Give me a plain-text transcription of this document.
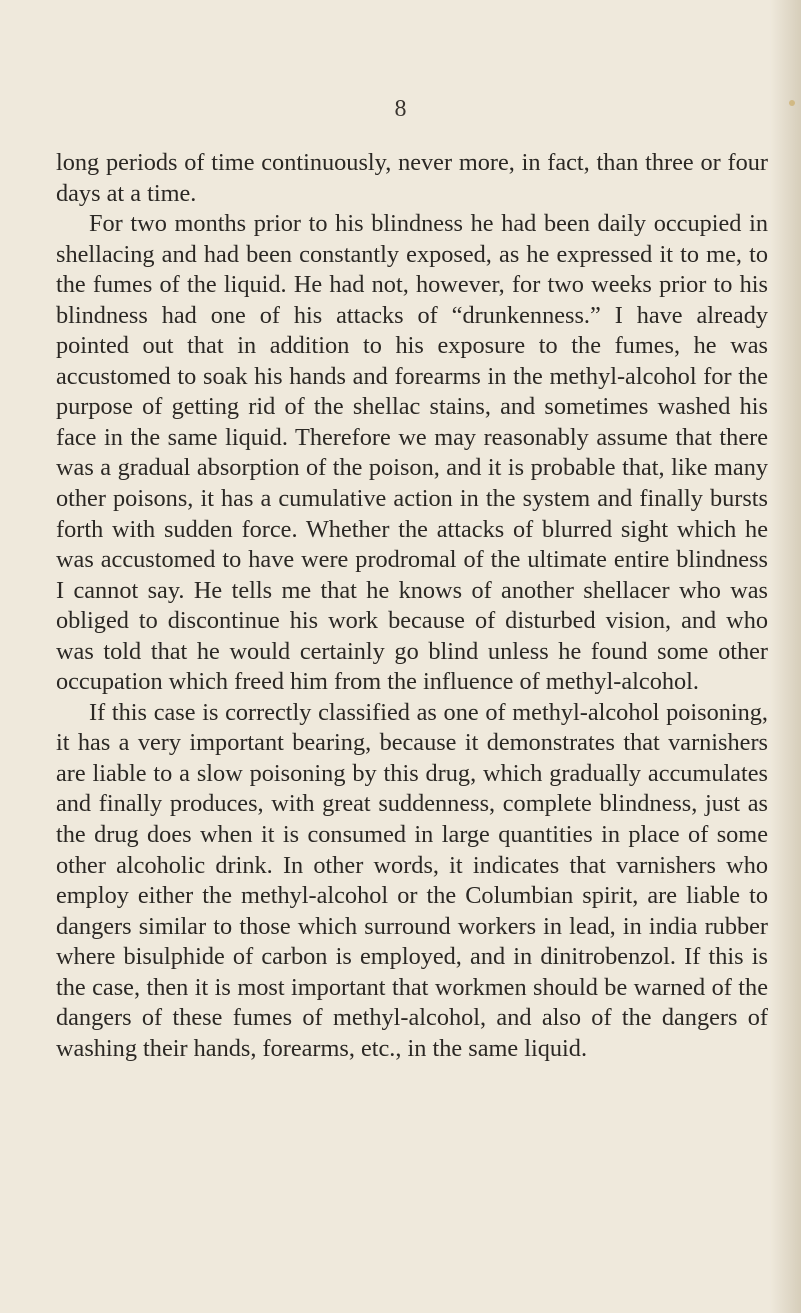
8

long periods of time continuously, never more, in fact, than three or four days at a time.

For two months prior to his blindness he had been daily occupied in shellacing and had been constantly exposed, as he expressed it to me, to the fumes of the liquid. He had not, however, for two weeks prior to his blindness had one of his attacks of “drunkenness.” I have already pointed out that in addition to his exposure to the fumes, he was accustomed to soak his hands and forearms in the methyl-alcohol for the purpose of getting rid of the shellac stains, and sometimes washed his face in the same liquid. Therefore we may reasonably assume that there was a gradual absorption of the poison, and it is probable that, like many other poisons, it has a cumulative action in the system and finally bursts forth with sudden force. Whether the attacks of blurred sight which he was accustomed to have were prodromal of the ultimate entire blindness I cannot say. He tells me that he knows of another shellacer who was obliged to discontinue his work because of disturbed vision, and who was told that he would certainly go blind unless he found some other occupation which freed him from the influence of methyl-alcohol.

If this case is correctly classified as one of methyl-alcohol poisoning, it has a very important bearing, because it demonstrates that varnishers are liable to a slow poisoning by this drug, which gradually accumulates and finally produces, with great suddenness, complete blindness, just as the drug does when it is consumed in large quantities in place of some other alcoholic drink. In other words, it indicates that varnishers who employ either the methyl-alcohol or the Columbian spirit, are liable to dangers similar to those which surround workers in lead, in india rubber where bisulphide of carbon is employed, and in dinitrobenzol. If this is the case, then it is most important that workmen should be warned of the dangers of these fumes of methyl-alcohol, and also of the dangers of washing their hands, forearms, etc., in the same liquid.
